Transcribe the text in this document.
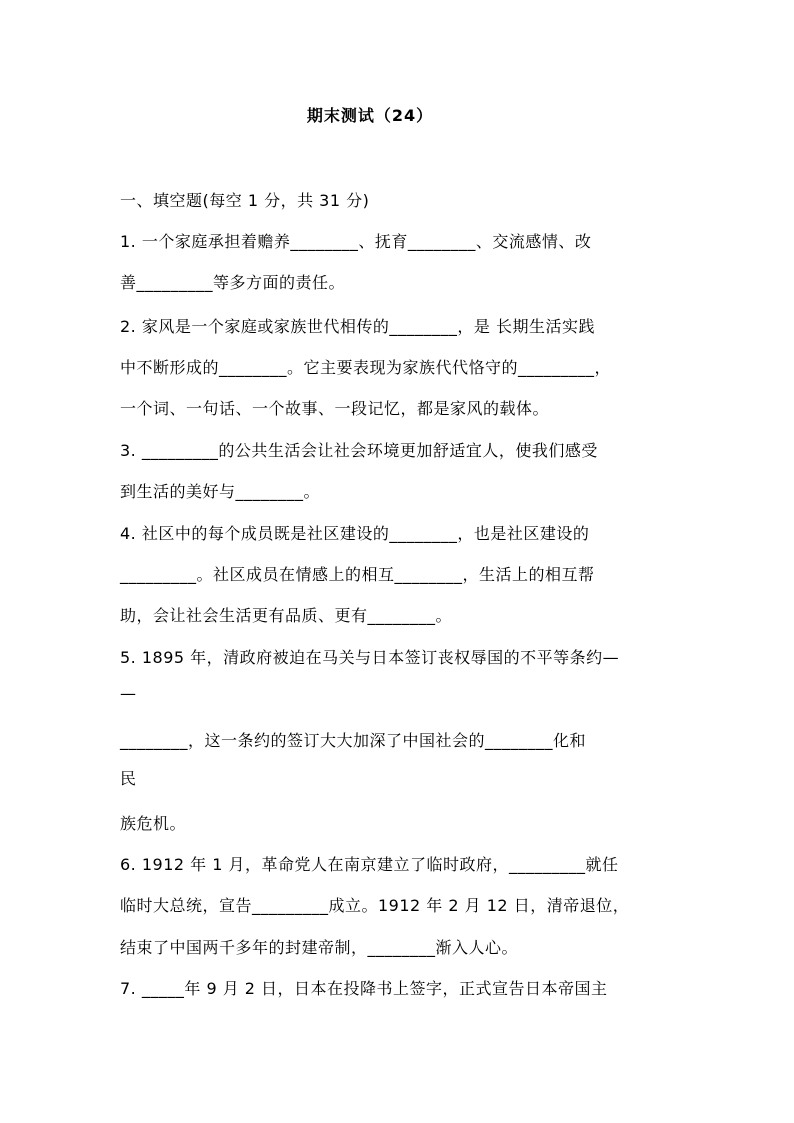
期末测试（24）
一、填空题(每空 1 分，共 31 分)
1. 一个家庭承担着赡养________、抚育________、交流感情、改
善_________等多方面的责任。
2. 家风是一个家庭或家族世代相传的________，是 长期生活实践
中不断形成的________。它主要表现为家族代代恪守的_________，
一个词、一句话、一个故事、一段记忆，都是家风的载体。
3. _________的公共生活会让社会环境更加舒适宜人，使我们感受
到生活的美好与________。
4. 社区中的每个成员既是社区建设的________，也是社区建设的
_________。社区成员在情感上的相互________，生活上的相互帮
助，会让社会生活更有品质、更有________。
5. 1895 年，清政府被迫在马关与日本签订丧权辱国的不平等条约—
—
________，这一条约的签订大大加深了中国社会的________化和
民
族危机。
6. 1912 年 1 月，革命党人在南京建立了临时政府，_________就任
临时大总统，宣告_________成立。1912 年 2 月 12 日，清帝退位，
结束了中国两千多年的封建帝制，________渐入人心。
7. _____年 9 月 2 日，日本在投降书上签字，正式宣告日本帝国主
